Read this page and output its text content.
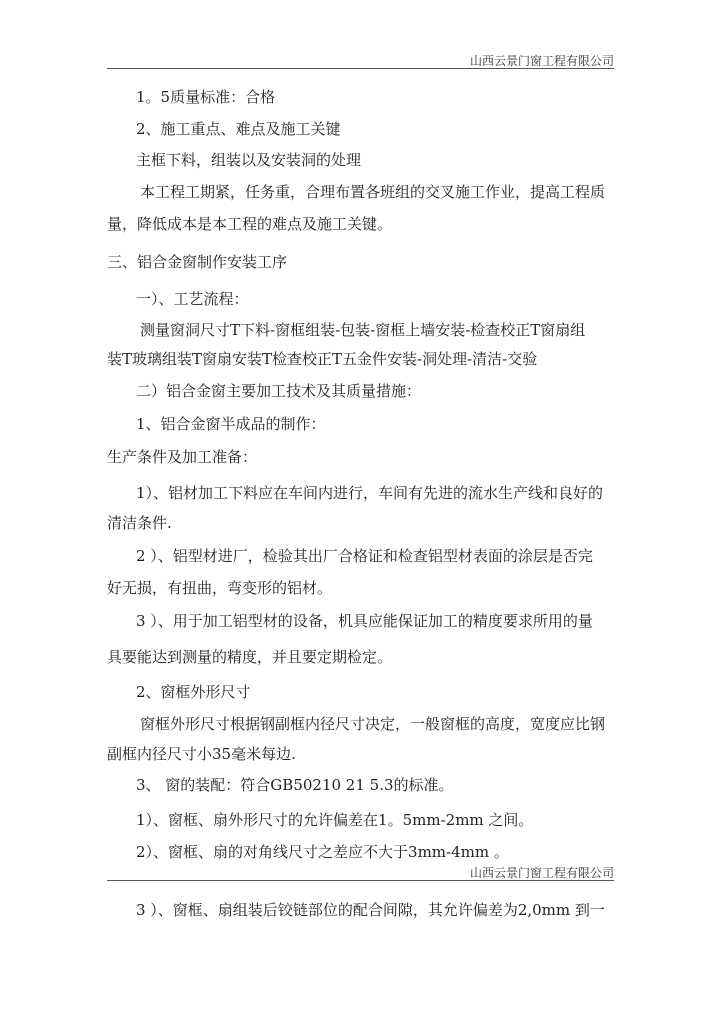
山西云景门窗工程有限公司
1。5质量标准：合格
2、施工重点、难点及施工关键
主框下料，组装以及安装洞的处理
本工程工期紧，任务重，合理布置各班组的交叉施工作业，提高工程质
量，降低成本是本工程的难点及施工关键。
三、铝合金窗制作安装工序
一）、工艺流程：
测量窗洞尺寸T下料-窗框组装-包装-窗框上墙安装-检查校正T窗扇组
装T玻璃组装T窗扇安装T检查校正T五金件安装-洞处理-清洁-交验
二）铝合金窗主要加工技术及其质量措施：
1、铝合金窗半成品的制作：
生产条件及加工准备：
1）、铝材加工下料应在车间内进行，车间有先进的流水生产线和良好的
清洁条件.
2 ）、铝型材进厂，检验其出厂合格证和检查铝型材表面的涂层是否完
好无损，有扭曲，弯变形的铝材。
3 ）、用于加工铝型材的设备，机具应能保证加工的精度要求所用的量
具要能达到测量的精度，并且要定期检定。
2、窗框外形尺寸
窗框外形尺寸根据钢副框内径尺寸决定，一般窗框的高度，宽度应比钢
副框内径尺寸小35毫米每边.
3、 窗的装配：符合GB50210 21 5.3的标准。
1）、窗框、扇外形尺寸的允许偏差在1。5mm-2mm 之间。
2）、窗框、扇的对角线尺寸之差应不大于3mm-4mm 。
山西云景门窗工程有限公司
3 ）、窗框、扇组装后铰链部位的配合间隙，其允许偏差为2,0mm 到一
